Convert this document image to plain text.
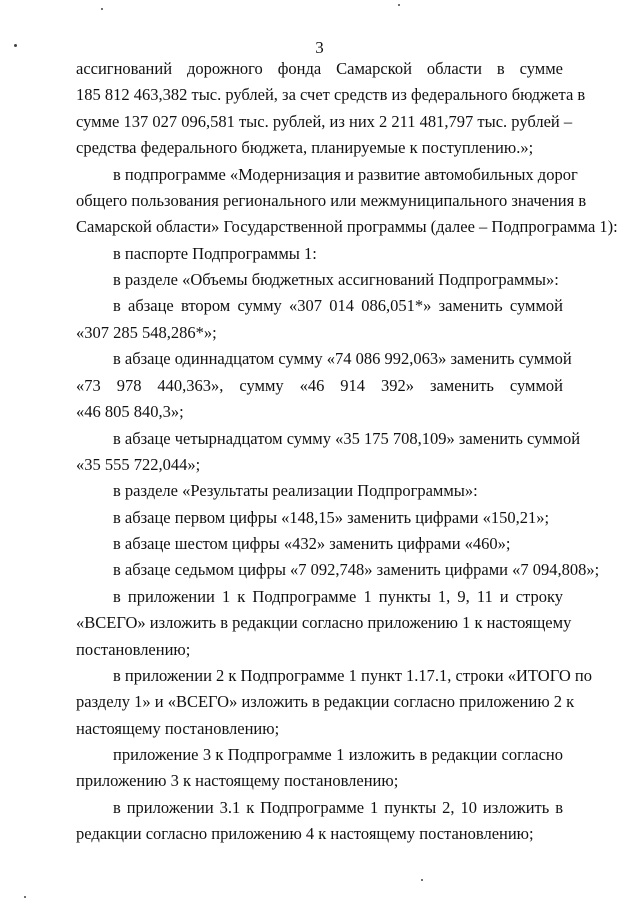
3
ассигнований дорожного фонда Самарской области в сумме
185 812 463,382 тыс. рублей, за счет средств из федерального бюджета в
сумме 137 027 096,581 тыс. рублей, из них 2 211 481,797 тыс. рублей –
средства федерального бюджета, планируемые к поступлению.»;
в подпрограмме «Модернизация и развитие автомобильных дорог
общего пользования регионального или межмуниципального значения в
Самарской области» Государственной программы (далее – Подпрограмма 1):
в паспорте Подпрограммы 1:
в разделе «Объемы бюджетных ассигнований Подпрограммы»:
в абзаце втором сумму «307 014 086,051*» заменить суммой
«307 285 548,286*»;
в абзаце одиннадцатом сумму «74 086 992,063» заменить суммой
«73 978 440,363», сумму «46 914 392» заменить суммой
«46 805 840,3»;
в абзаце четырнадцатом сумму «35 175 708,109» заменить суммой
«35 555 722,044»;
в разделе «Результаты реализации Подпрограммы»:
в абзаце первом цифры «148,15» заменить цифрами «150,21»;
в абзаце шестом цифры «432» заменить цифрами «460»;
в абзаце седьмом цифры «7 092,748» заменить цифрами «7 094,808»;
в приложении 1 к Подпрограмме 1 пункты 1, 9, 11 и строку
«ВСЕГО» изложить в редакции согласно приложению 1 к настоящему
постановлению;
в приложении 2 к Подпрограмме 1 пункт 1.17.1, строки «ИТОГО по
разделу 1» и «ВСЕГО» изложить в редакции согласно приложению 2 к
настоящему постановлению;
приложение 3 к Подпрограмме 1 изложить в редакции согласно
приложению 3 к настоящему постановлению;
в приложении 3.1 к Подпрограмме 1 пункты 2, 10 изложить в
редакции согласно приложению 4 к настоящему постановлению;
